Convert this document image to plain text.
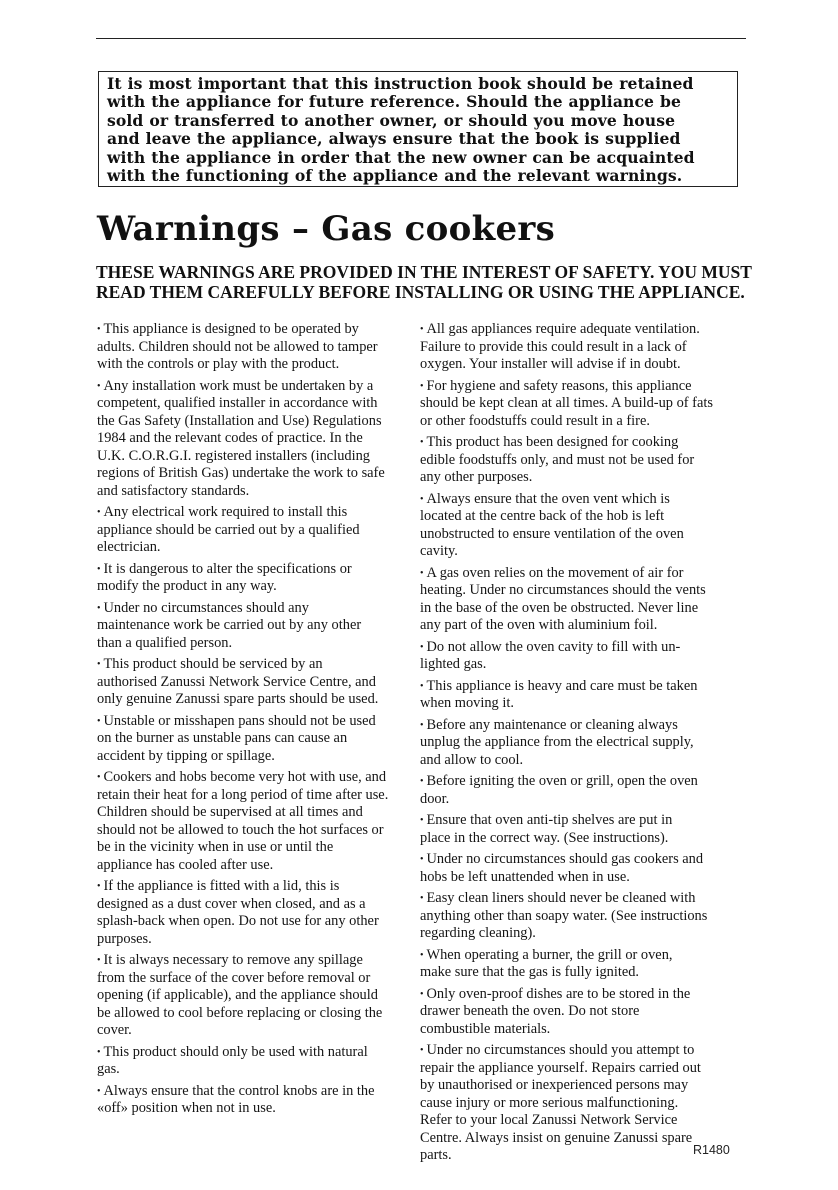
It is most important that this instruction book should be retained
with the appliance for future reference. Should the appliance be
sold or transferred to another owner, or should you move house
and leave the appliance, always ensure that the book is supplied
with the appliance in order that the new owner can be acquainted
with the functioning of the appliance and the relevant warnings.
Warnings – Gas cookers
THESE WARNINGS ARE PROVIDED IN THE INTEREST OF SAFETY. YOU MUST
READ THEM CAREFULLY BEFORE INSTALLING OR USING THE APPLIANCE.
• This appliance is designed to be operated by
adults. Children should not be allowed to tamper
with the controls or play with the product.
• Any installation work must be undertaken by a
competent, qualified installer in accordance with
the Gas Safety (Installation and Use) Regulations
1984 and the relevant codes of practice. In the
U.K. C.O.R.G.I. registered installers (including
regions of British Gas) undertake the work to safe
and satisfactory standards.
• Any electrical work required to install this
appliance should be carried out by a qualified
electrician.
• It is dangerous to alter the specifications or
modify the product in any way.
• Under no circumstances should any
maintenance work be carried out by any other
than a qualified person.
• This product should be serviced by an
authorised Zanussi Network Service Centre, and
only genuine Zanussi spare parts should be used.
• Unstable or misshapen pans should not be used
on the burner as unstable pans can cause an
accident by tipping or spillage.
• Cookers and hobs become very hot with use, and
retain their heat for a long period of time after use.
Children should be supervised at all times and
should not be allowed to touch the hot surfaces or
be in the vicinity when in use or until the
appliance has cooled after use.
• If the appliance is fitted with a lid, this is
designed as a dust cover when closed, and as a
splash-back when open. Do not use for any other
purposes.
• It is always necessary to remove any spillage
from the surface of the cover before removal or
opening (if applicable), and the appliance should
be allowed to cool before replacing or closing the
cover.
• This product should only be used with natural
gas.
• Always ensure that the control knobs are in the
«off» position when not in use.
• All gas appliances require adequate ventilation.
Failure to provide this could result in a lack of
oxygen. Your installer will advise if in doubt.
• For hygiene and safety reasons, this appliance
should be kept clean at all times. A build-up of fats
or other foodstuffs could result in a fire.
• This product has been designed for cooking
edible foodstuffs only, and must not be used for
any other purposes.
• Always ensure that the oven vent which is
located at the centre back of the hob is left
unobstructed to ensure ventilation of the oven
cavity.
• A gas oven relies on the movement of air for
heating. Under no circumstances should the vents
in the base of the oven be obstructed. Never line
any part of the oven with aluminium foil.
• Do not allow the oven cavity to fill with un-
lighted gas.
• This appliance is heavy and care must be taken
when moving it.
• Before any maintenance or cleaning always
unplug the appliance from the electrical supply,
and allow to cool.
• Before igniting the oven or grill, open the oven
door.
• Ensure that oven anti-tip shelves are put in
place in the correct way. (See instructions).
• Under no circumstances should gas cookers and
hobs be left unattended when in use.
• Easy clean liners should never be cleaned with
anything other than soapy water. (See instructions
regarding cleaning).
• When operating a burner, the grill or oven,
make sure that the gas is fully ignited.
• Only oven-proof dishes are to be stored in the
drawer beneath the oven. Do not store
combustible materials.
• Under no circumstances should you attempt to
repair the appliance yourself. Repairs carried out
by unauthorised or inexperienced persons may
cause injury or more serious malfunctioning.
Refer to your local Zanussi Network Service
Centre. Always insist on genuine Zanussi spare
parts.	R1480
